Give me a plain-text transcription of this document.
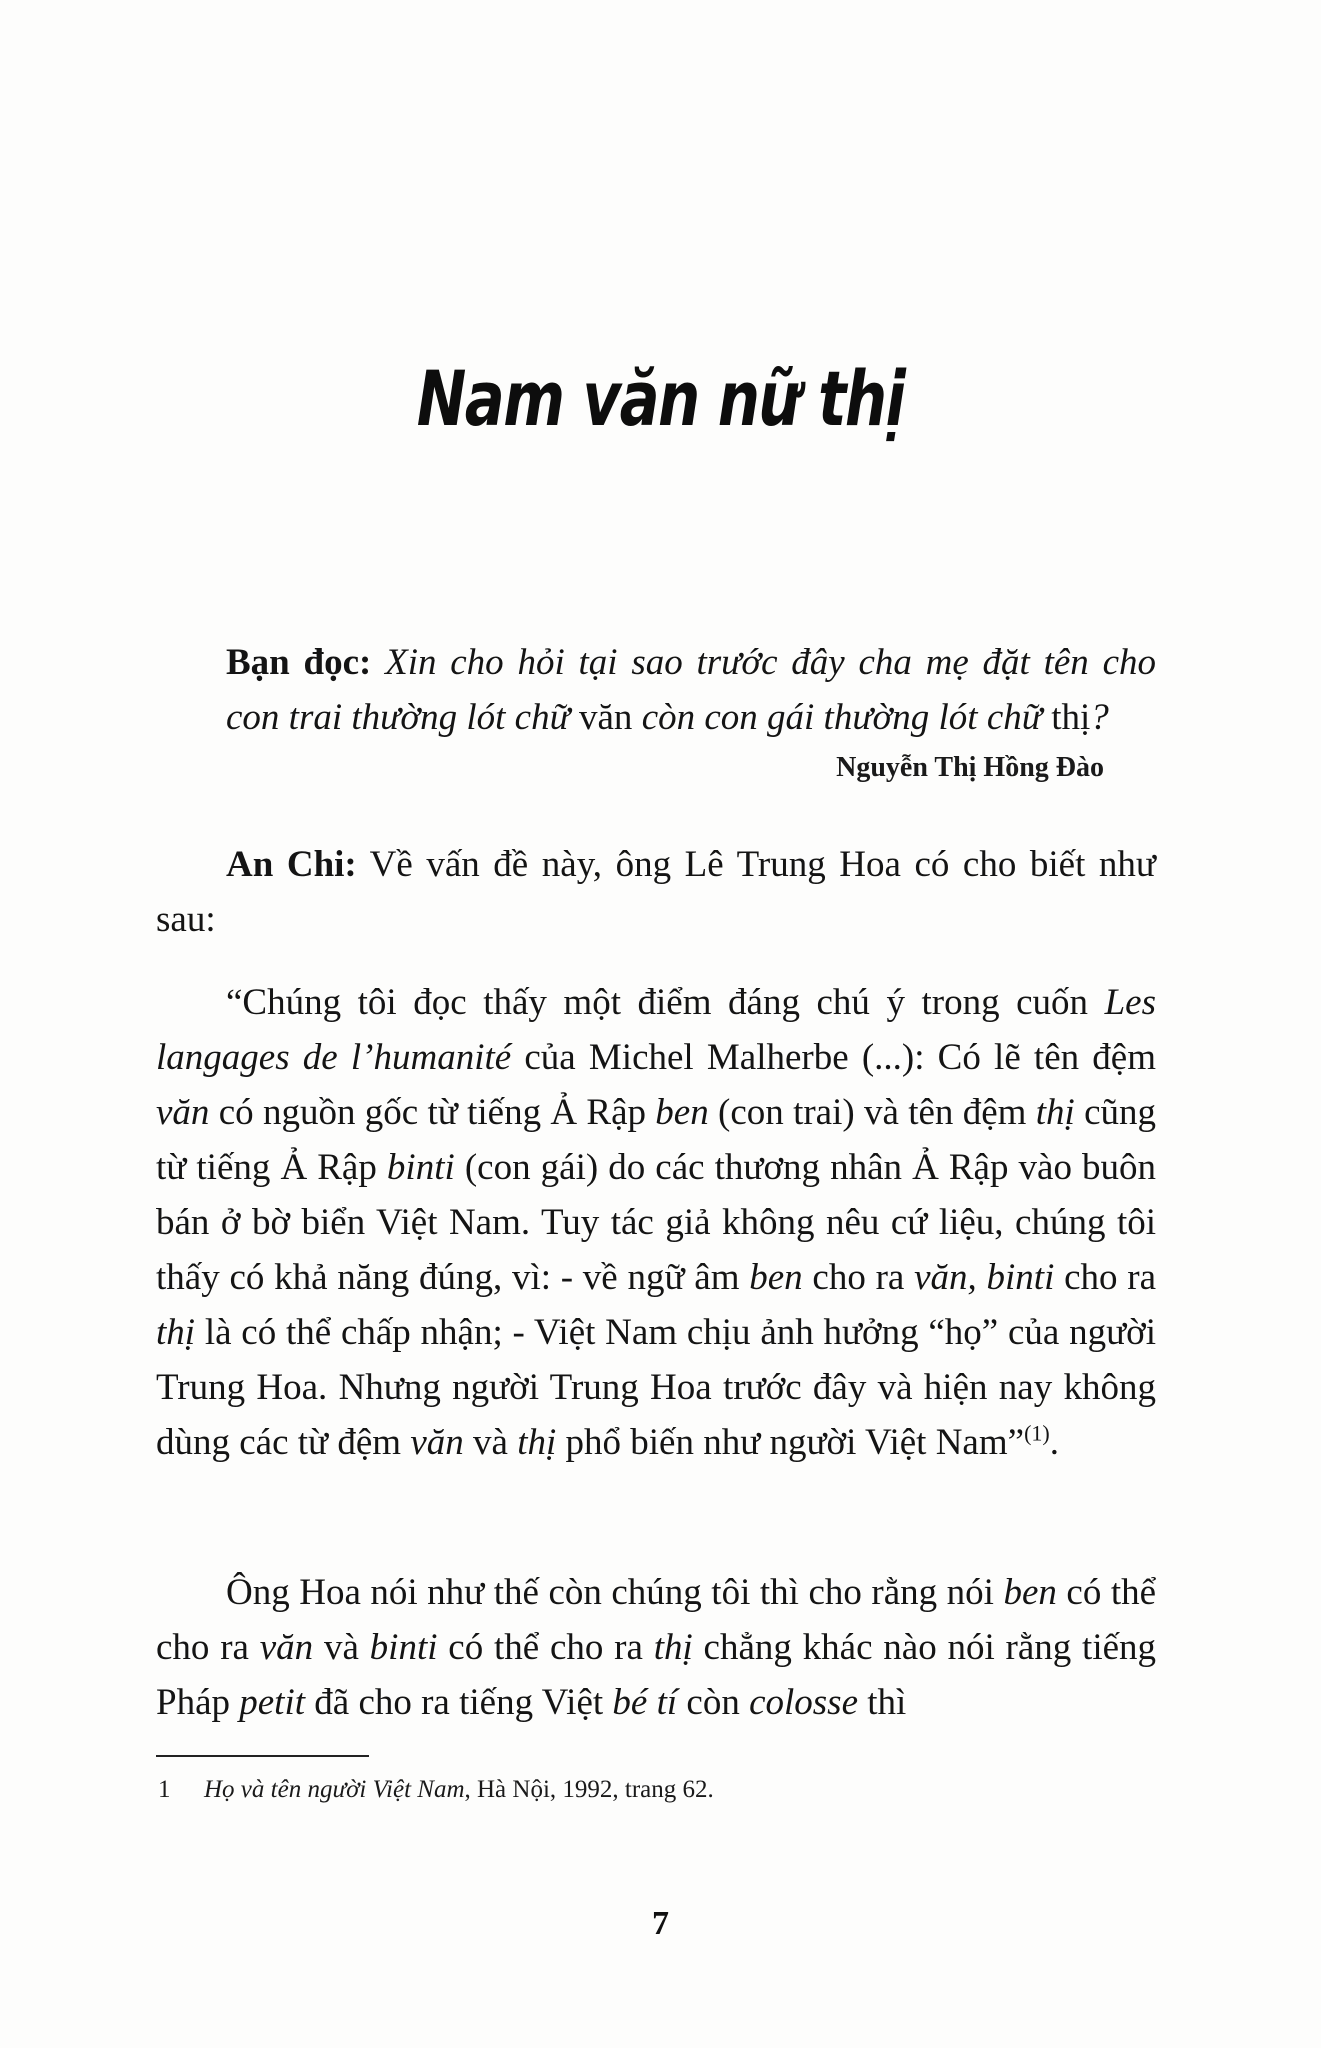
Nam văn nữ thị
Bạn đọc: Xin cho hỏi tại sao trước đây cha mẹ đặt tên cho con trai thường lót chữ văn còn con gái thường lót chữ thị?
Nguyễn Thị Hồng Đào
An Chi: Về vấn đề này, ông Lê Trung Hoa có cho biết như sau:
“Chúng tôi đọc thấy một điểm đáng chú ý trong cuốn Les langages de l’humanité của Michel Malherbe (...): Có lẽ tên đệm văn có nguồn gốc từ tiếng Ả Rập ben (con trai) và tên đệm thị cũng từ tiếng Ả Rập binti (con gái) do các thương nhân Ả Rập vào buôn bán ở bờ biển Việt Nam. Tuy tác giả không nêu cứ liệu, chúng tôi thấy có khả năng đúng, vì: - về ngữ âm ben cho ra văn, binti cho ra thị là có thể chấp nhận; - Việt Nam chịu ảnh hưởng “họ” của người Trung Hoa. Nhưng người Trung Hoa trước đây và hiện nay không dùng các từ đệm văn và thị phổ biến như người Việt Nam”$^{(1)}$.
Ông Hoa nói như thế còn chúng tôi thì cho rằng nói ben có thể cho ra văn và binti có thể cho ra thị chẳng khác nào nói rằng tiếng Pháp petit đã cho ra tiếng Việt bé tí còn colosse thì
1 Họ và tên người Việt Nam, Hà Nội, 1992, trang 62.
7
